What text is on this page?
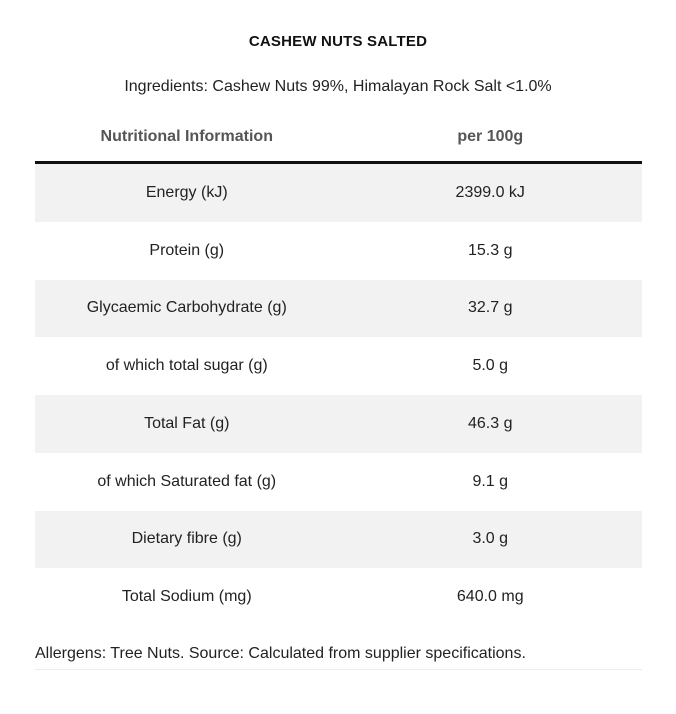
CASHEW NUTS SALTED
Ingredients: Cashew Nuts 99%, Himalayan Rock Salt <1.0%
Nutritional Information	per 100g
Energy (kJ)	2399.0 kJ
Protein (g)	15.3 g
Glycaemic Carbohydrate (g)	32.7 g
of which total sugar (g)	5.0 g
Total Fat (g)	46.3 g
of which Saturated fat (g)	9.1 g
Dietary fibre (g)	3.0 g
Total Sodium (mg)	640.0 mg
Allergens: Tree Nuts. Source: Calculated from supplier specifications.
